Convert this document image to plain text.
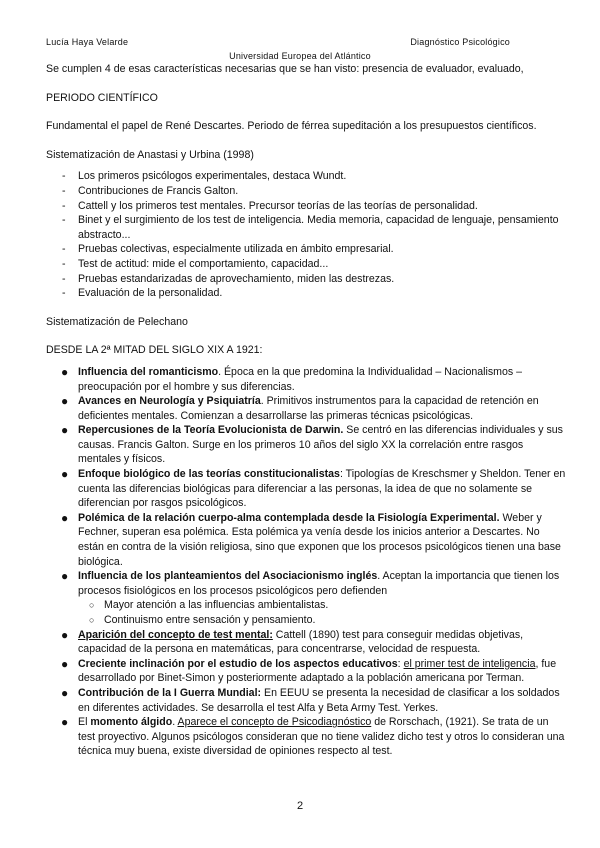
Lucía Haya Velarde	Diagnóstico Psicológico
Universidad Europea del Atlántico

Se cumplen 4 de esas características necesarias que se han visto: presencia de evaluador, evaluado,

PERIODO CIENTÍFICO

Fundamental el papel de René Descartes. Periodo de férrea supeditación a los presupuestos científicos.

Sistematización de Anastasi y Urbina (1998)

- Los primeros psicólogos experimentales, destaca Wundt.
- Contribuciones de Francis Galton.
- Cattell y los primeros test mentales. Precursor teorías de las teorías de personalidad.
- Binet y el surgimiento de los test de inteligencia. Media memoria, capacidad de lenguaje, pensamiento abstracto...
- Pruebas colectivas, especialmente utilizada en ámbito empresarial.
- Test de actitud: mide el comportamiento, capacidad...
- Pruebas estandarizadas de aprovechamiento, miden las destrezas.
- Evaluación de la personalidad.

Sistematización de Pelechano

DESDE LA 2ª MITAD DEL SIGLO XIX A 1921:

● Influencia del romanticismo. Época en la que predomina la Individualidad – Nacionalismos – preocupación por el hombre y sus diferencias.
● Avances en Neurología y Psiquiatría. Primitivos instrumentos para la capacidad de retención en deficientes mentales. Comienzan a desarrollarse las primeras técnicas psicológicas.
● Repercusiones de la Teoría Evolucionista de Darwin. Se centró en las diferencias individuales y sus causas. Francis Galton. Surge en los primeros 10 años del siglo XX la correlación entre rasgos mentales y físicos.
● Enfoque biológico de las teorías constitucionalistas: Tipologías de Kreschsmer y Sheldon. Tener en cuenta las diferencias biológicas para diferenciar a las personas, la idea de que no solamente se diferencian por rasgos psicológicos.
● Polémica de la relación cuerpo-alma contemplada desde la Fisiología Experimental. Weber y Fechner, superan esa polémica. Esta polémica ya venía desde los inicios anterior a Descartes. No están en contra de la visión religiosa, sino que exponen que los procesos psicológicos tienen una base biológica.
● Influencia de los planteamientos del Asociacionismo inglés. Aceptan la importancia que tienen los procesos fisiológicos en los procesos psicológicos pero defienden
○ Mayor atención a las influencias ambientalistas.
○ Continuismo entre sensación y pensamiento.
● Aparición del concepto de test mental: Cattell (1890) test para conseguir medidas objetivas, capacidad de la persona en matemáticas, para concentrarse, velocidad de respuesta.
● Creciente inclinación por el estudio de los aspectos educativos: el primer test de inteligencia, fue desarrollado por Binet-Simon y posteriormente adaptado a la población americana por Terman.
● Contribución de la I Guerra Mundial: En EEUU se presenta la necesidad de clasificar a los soldados en diferentes actividades. Se desarrolla el test Alfa y Beta Army Test. Yerkes.
● El momento álgido. Aparece el concepto de Psicodiagnóstico de Rorschach, (1921). Se trata de un test proyectivo. Algunos psicólogos consideran que no tiene validez dicho test y otros lo consideran una técnica muy buena, existe diversidad de opiniones respecto al test.
2
